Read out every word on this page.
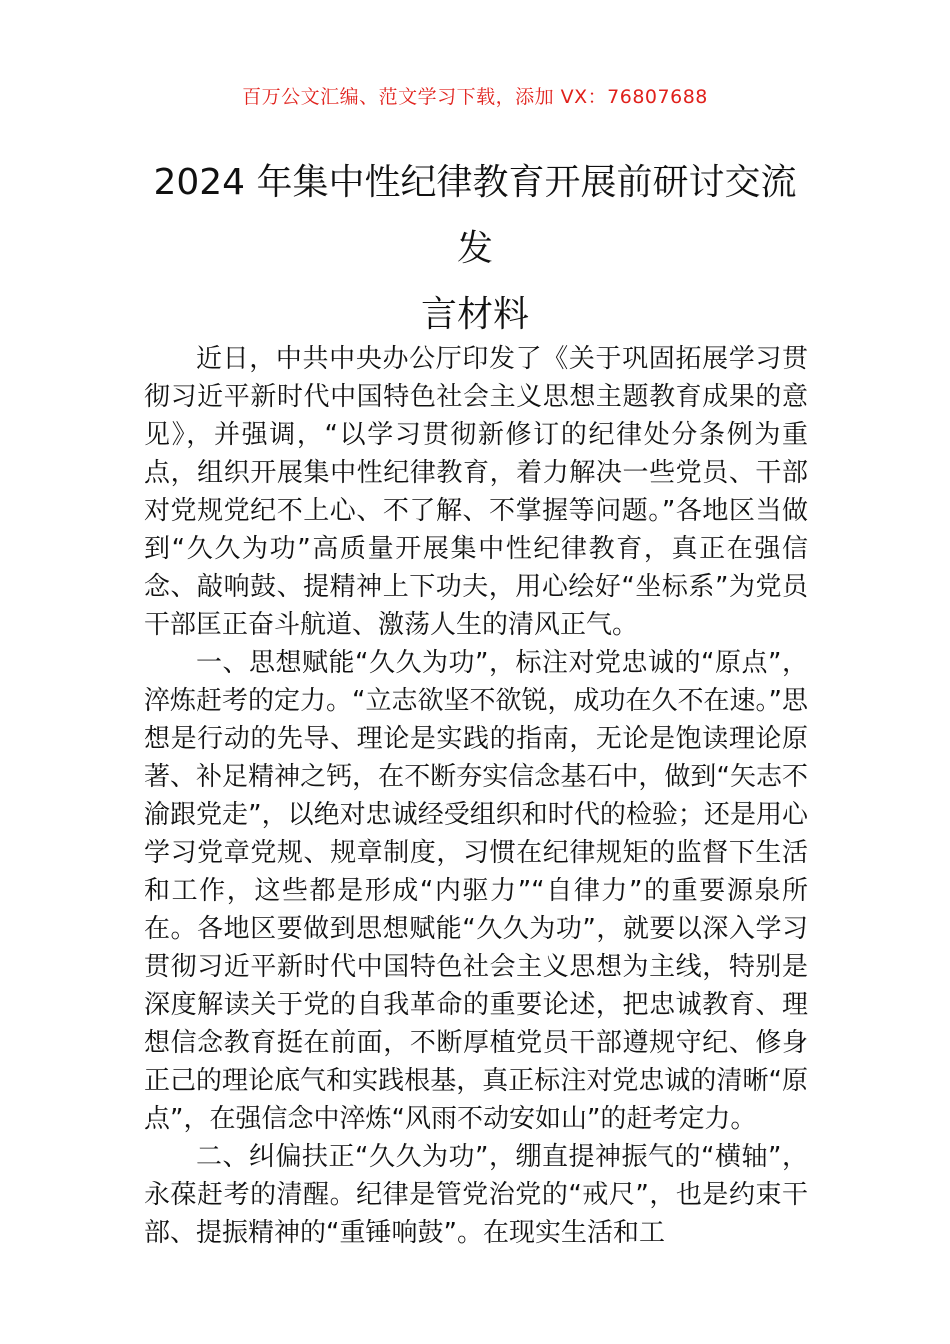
百万公文汇编、范文学习下载，添加 VX：76807688
2024 年集中性纪律教育开展前研讨交流发
言材料

近日，中共中央办公厅印发了《关于巩固拓展学习贯彻习近平新时代中国特色社会主义思想主题教育成果的意见》，并强调，“以学习贯彻新修订的纪律处分条例为重点，组织开展集中性纪律教育，着力解决一些党员、干部对党规党纪不上心、不了解、不掌握等问题。”各地区当做到“久久为功”高质量开展集中性纪律教育，真正在强信念、敲响鼓、提精神上下功夫，用心绘好“坐标系”为党员干部匡正奋斗航道、激荡人生的清风正气。

一、思想赋能“久久为功”，标注对党忠诚的“原点”，淬炼赶考的定力。“立志欲坚不欲锐，成功在久不在速。”思想是行动的先导、理论是实践的指南，无论是饱读理论原著、补足精神之钙，在不断夯实信念基石中，做到“矢志不渝跟党走”，以绝对忠诚经受组织和时代的检验；还是用心学习党章党规、规章制度，习惯在纪律规矩的监督下生活和工作，这些都是形成“内驱力”“自律力”的重要源泉所在。各地区要做到思想赋能“久久为功”，就要以深入学习贯彻习近平新时代中国特色社会主义思想为主线，特别是深度解读关于党的自我革命的重要论述，把忠诚教育、理想信念教育挺在前面，不断厚植党员干部遵规守纪、修身正己的理论底气和实践根基，真正标注对党忠诚的清晰“原点”，在强信念中淬炼“风雨不动安如山”的赶考定力。

二、纠偏扶正“久久为功”，绷直提神振气的“横轴”，永葆赶考的清醒。纪律是管党治党的“戒尺”，也是约束干部、提振精神的“重锤响鼓”。在现实生活和工
